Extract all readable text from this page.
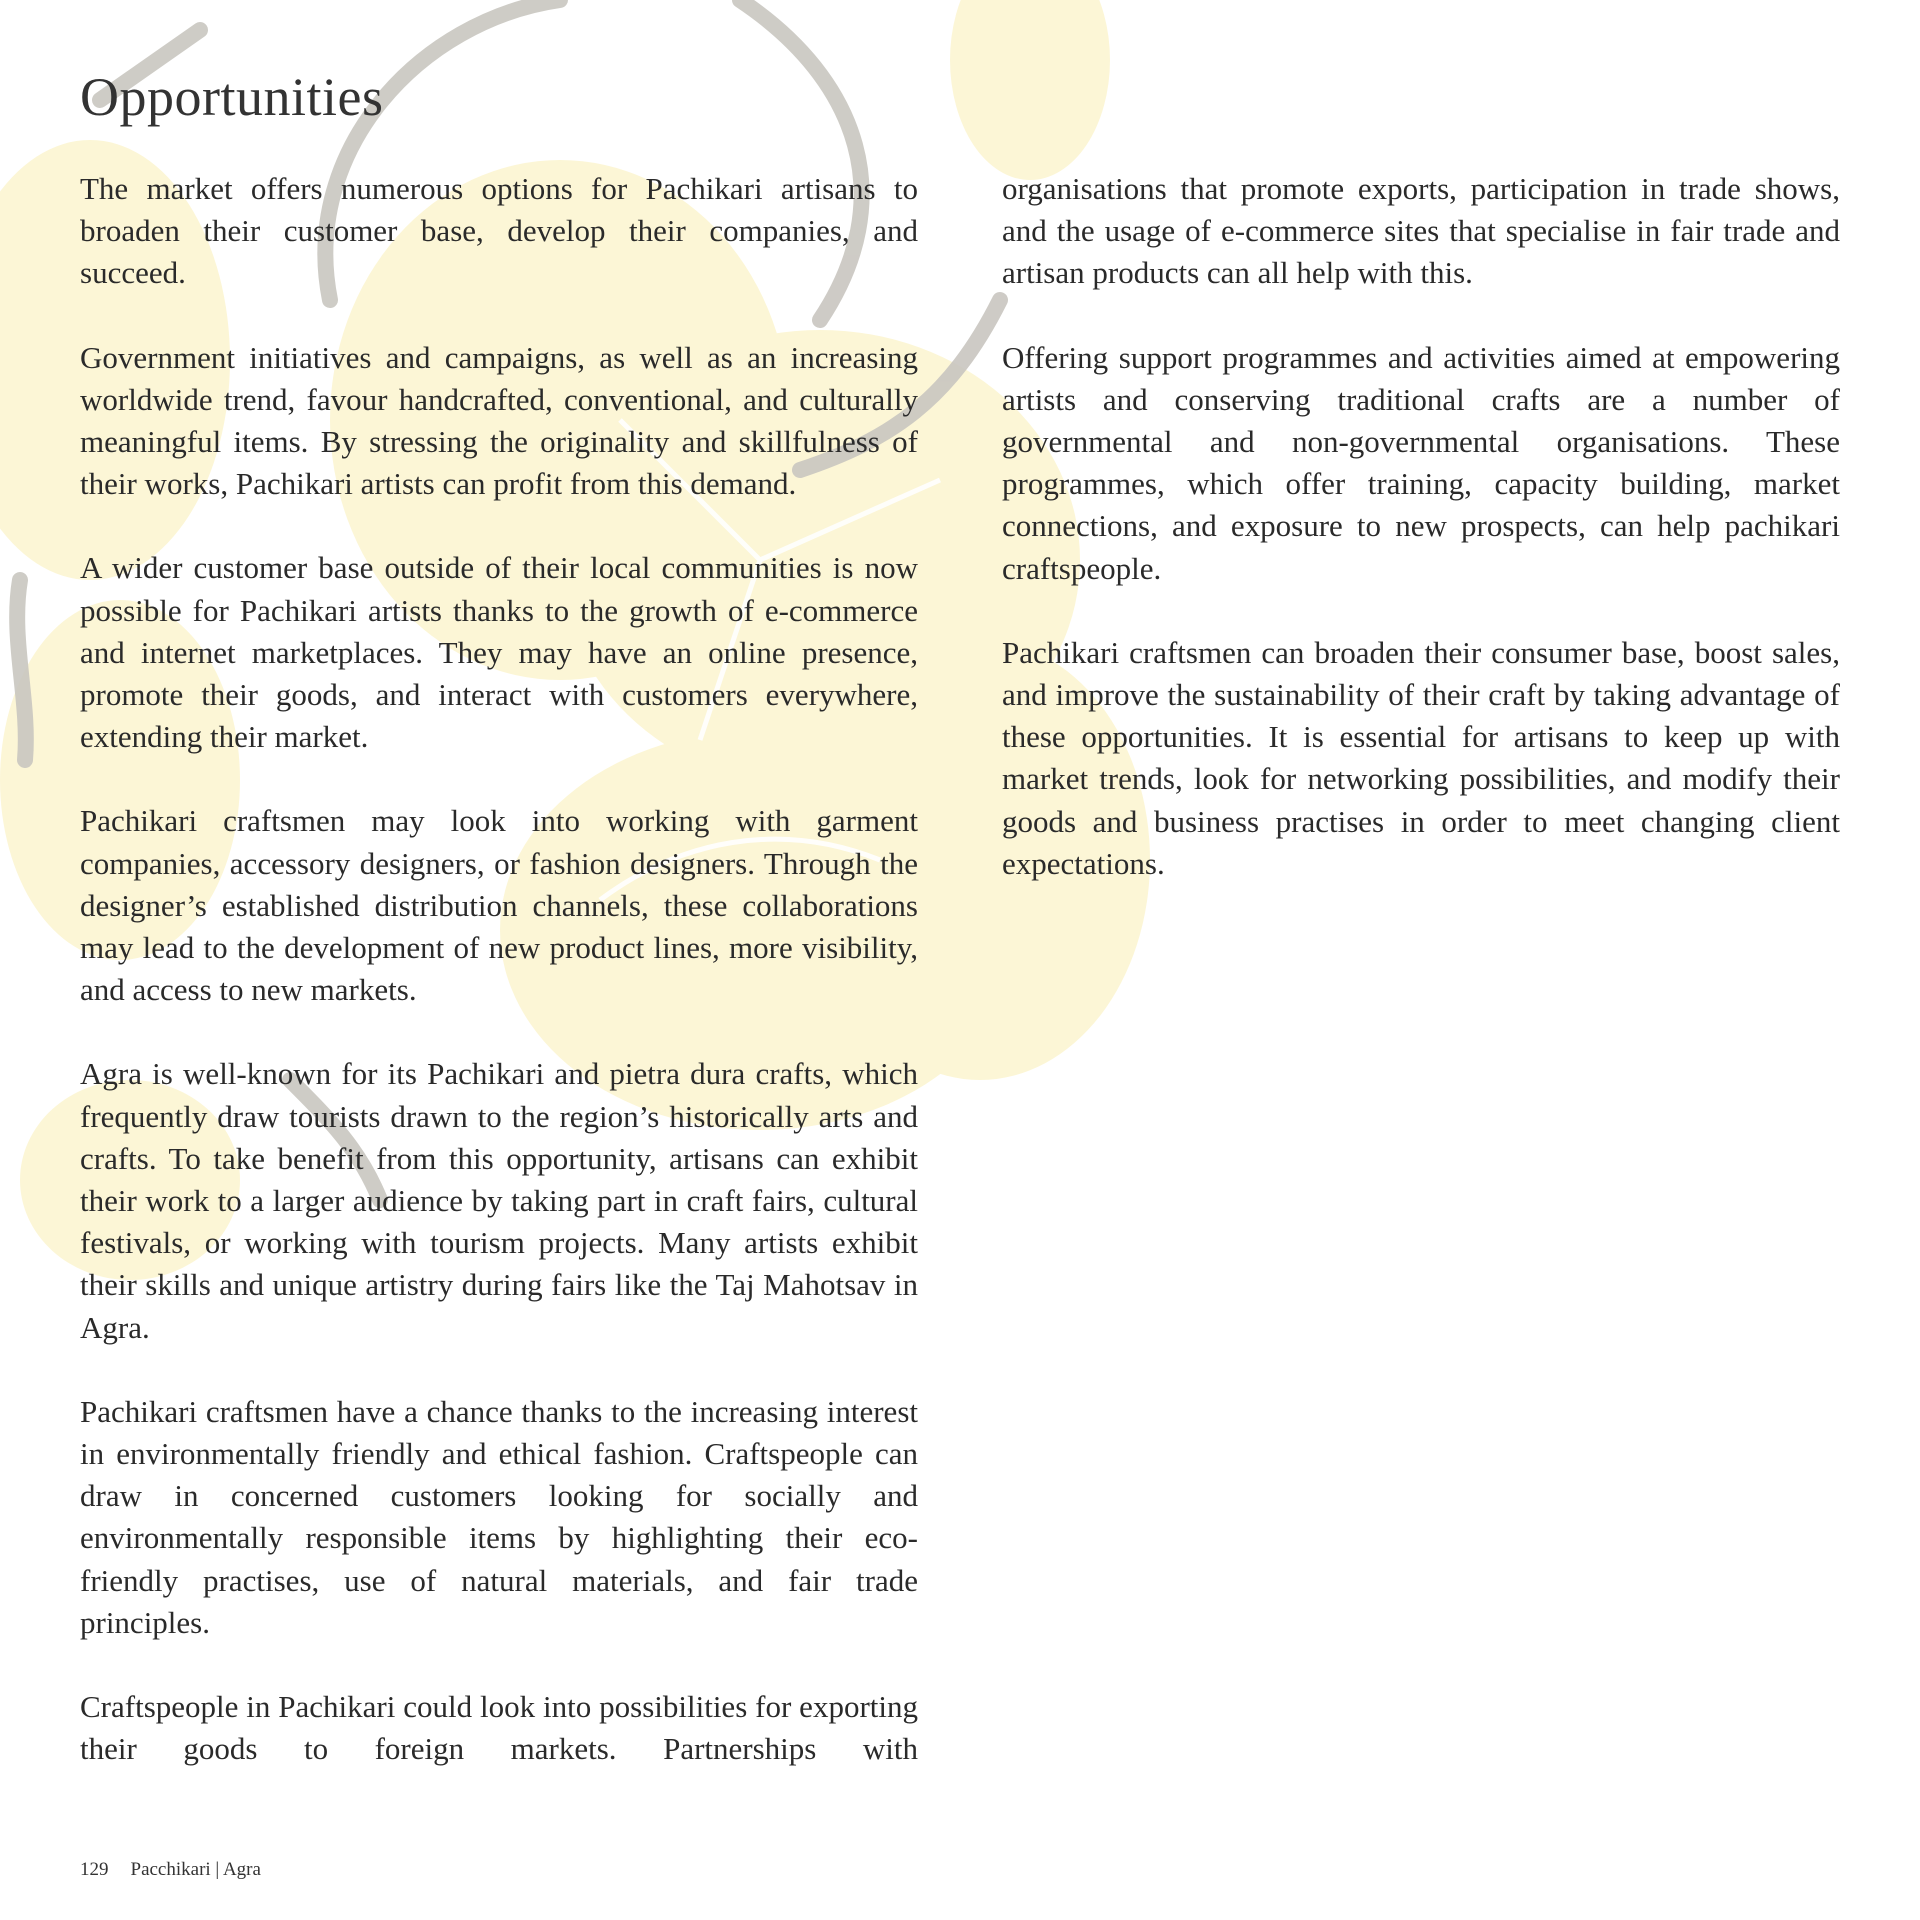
Opportunities

The market offers numerous options for Pachikari artisans to broaden their customer base, develop their companies, and succeed.

Government initiatives and campaigns, as well as an increasing worldwide trend, favour handcrafted, conventional, and culturally meaningful items. By stressing the originality and skillfulness of their works, Pachikari artists can profit from this demand.

A wider customer base outside of their local communities is now possible for Pachikari artists thanks to the growth of e-commerce and internet marketplaces. They may have an online presence, promote their goods, and interact with customers everywhere, extending their market.

Pachikari craftsmen may look into working with garment companies, accessory designers, or fashion designers. Through the designer’s established distribution channels, these collaborations may lead to the development of new product lines, more visibility, and access to new markets.

Agra is well-known for its Pachikari and pietra dura crafts, which frequently draw tourists drawn to the region’s historically arts and crafts. To take benefit from this opportunity, artisans can exhibit their work to a larger audience by taking part in craft fairs, cultural festivals, or working with tourism projects. Many artists exhibit their skills and unique artistry during fairs like the Taj Mahotsav in Agra.

Pachikari craftsmen have a chance thanks to the increasing interest in environmentally friendly and ethical fashion. Craftspeople can draw in concerned customers looking for socially and environmentally responsible items by highlighting their eco-friendly practises, use of natural materials, and fair trade principles.

Craftspeople in Pachikari could look into possibilities for exporting their goods to foreign markets. Partnerships with

organisations that promote exports, participation in trade shows, and the usage of e-commerce sites that specialise in fair trade and artisan products can all help with this.

Offering support programmes and activities aimed at empowering artists and conserving traditional crafts are a number of governmental and non-governmental organisations. These programmes, which offer training, capacity building, market connections, and exposure to new prospects, can help pachikari craftspeople.

Pachikari craftsmen can broaden their consumer base, boost sales, and improve the sustainability of their craft by taking advantage of these opportunities. It is essential for artisans to keep up with market trends, look for networking possibilities, and modify their goods and business practises in order to meet changing client expectations.

129 Pacchikari | Agra
